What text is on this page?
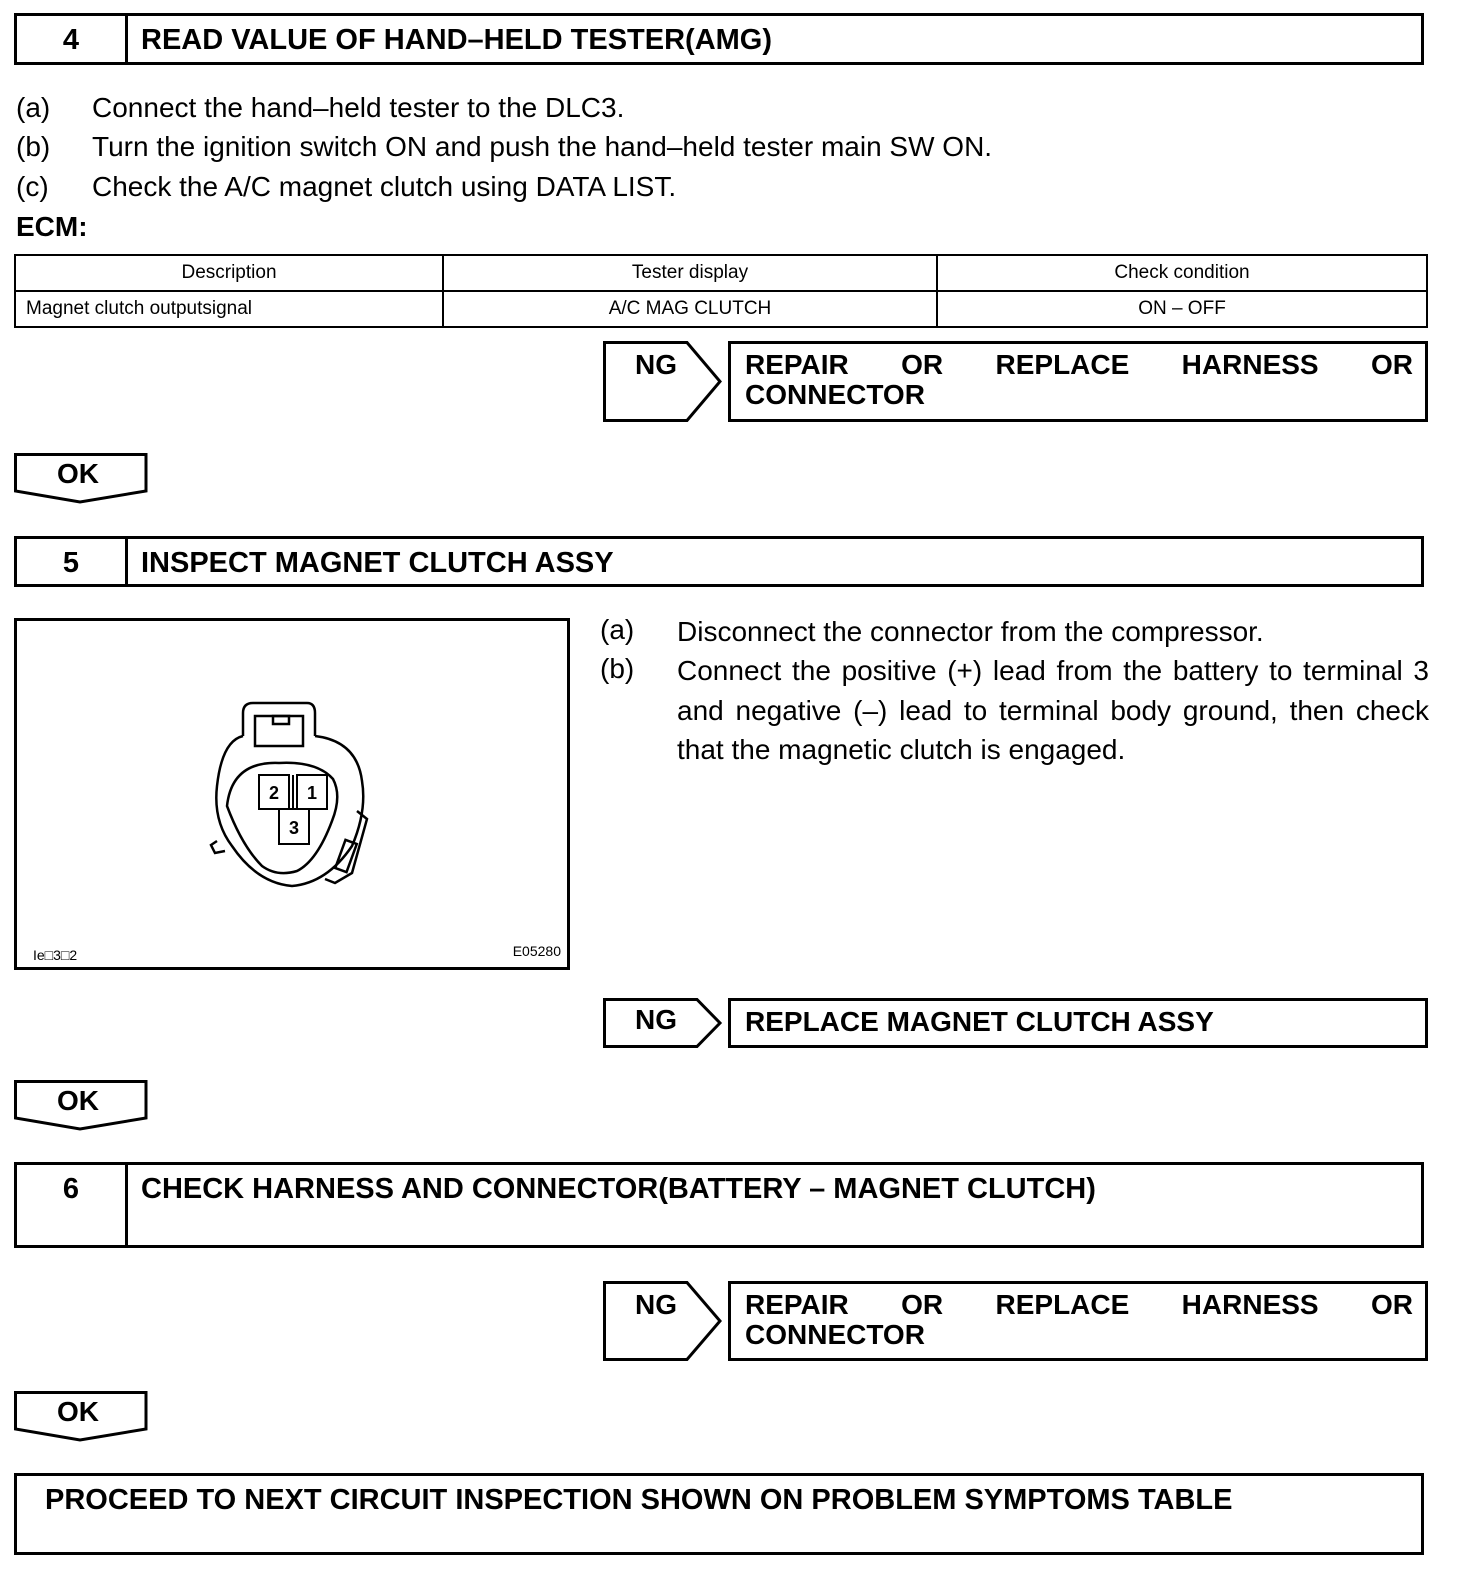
4	READ VALUE OF HAND–HELD TESTER(AMG)
(a) Connect the hand–held tester to the DLC3.
(b) Turn the ignition switch ON and push the hand–held tester main SW ON.
(c) Check the A/C magnet clutch using DATA LIST.
ECM:
Description	Tester display	Check condition
Magnet clutch outputsignal	A/C MAG CLUTCH	ON – OFF
NG REPAIR OR REPLACE HARNESS OR
CONNECTOR
OK
5	INSPECT MAGNET CLUTCH ASSY
2 1
3
Ie□3□2	E05280
(a) Disconnect the connector from the compressor.
(b) Connect the positive (+) lead from the battery to terminal 3 and negative (–) lead to terminal body ground, then check that the magnetic clutch is engaged.
NG REPLACE MAGNET CLUTCH ASSY
OK
6	CHECK HARNESS AND CONNECTOR(BATTERY – MAGNET CLUTCH)
NG REPAIR OR REPLACE HARNESS OR
CONNECTOR
OK
PROCEED TO NEXT CIRCUIT INSPECTION SHOWN ON PROBLEM SYMPTOMS TABLE
